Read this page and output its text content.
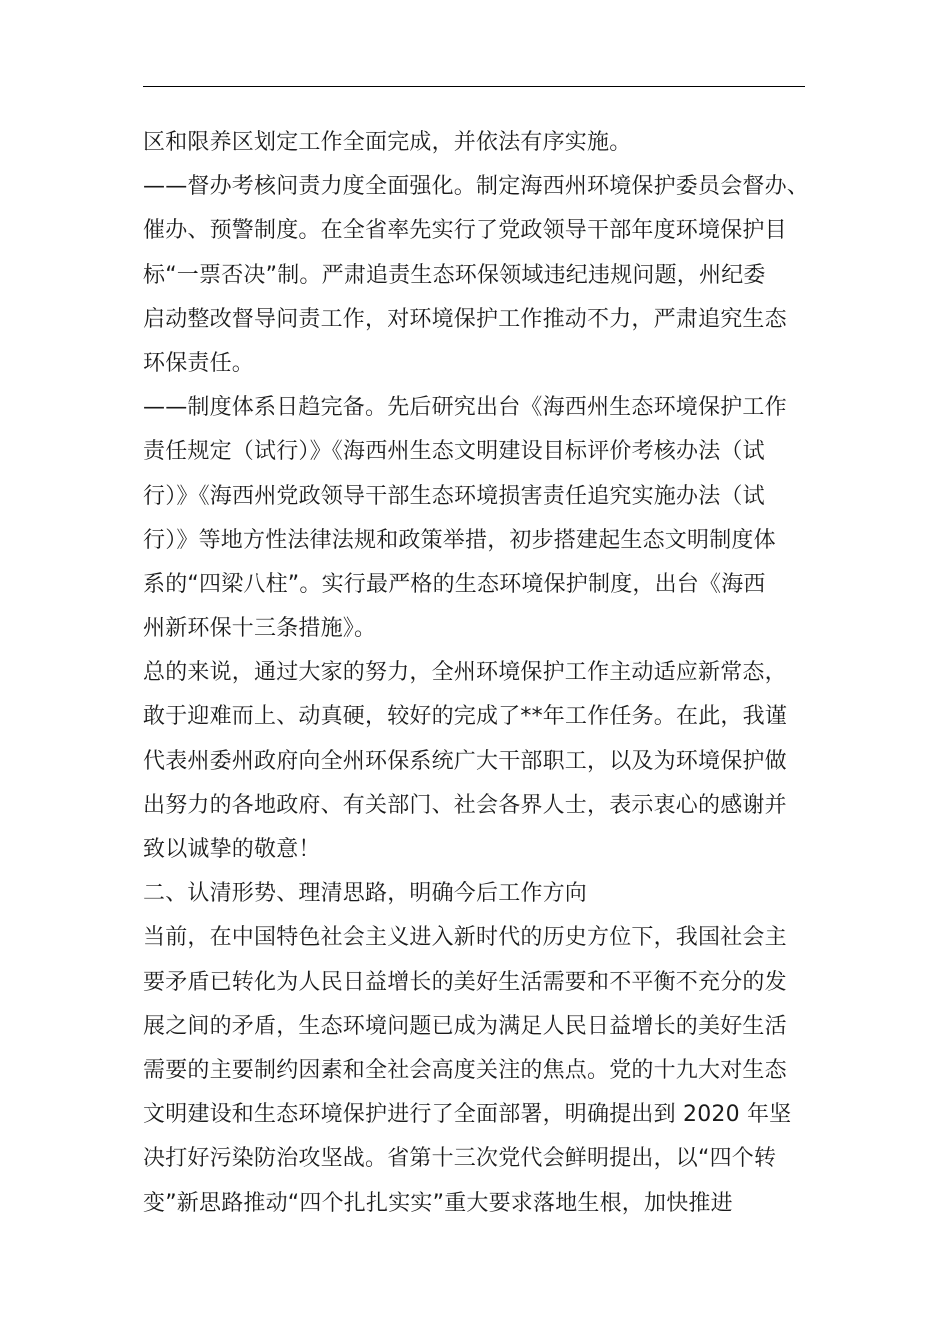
区和限养区划定工作全面完成，并依法有序实施。
——督办考核问责力度全面强化。制定海西州环境保护委员会督办、
催办、预警制度。在全省率先实行了党政领导干部年度环境保护目
标“一票否决”制。严肃追责生态环保领域违纪违规问题，州纪委
启动整改督导问责工作，对环境保护工作推动不力，严肃追究生态
环保责任。
——制度体系日趋完备。先后研究出台《海西州生态环境保护工作
责任规定（试行）》《海西州生态文明建设目标评价考核办法（试
行）》《海西州党政领导干部生态环境损害责任追究实施办法（试
行）》等地方性法律法规和政策举措，初步搭建起生态文明制度体
系的“四梁八柱”。实行最严格的生态环境保护制度，出台《海西
州新环保十三条措施》。
总的来说，通过大家的努力，全州环境保护工作主动适应新常态，
敢于迎难而上、动真硬，较好的完成了**年工作任务。在此，我谨
代表州委州政府向全州环保系统广大干部职工，以及为环境保护做
出努力的各地政府、有关部门、社会各界人士，表示衷心的感谢并
致以诚挚的敬意！
二、认清形势、理清思路，明确今后工作方向
当前，在中国特色社会主义进入新时代的历史方位下，我国社会主
要矛盾已转化为人民日益增长的美好生活需要和不平衡不充分的发
展之间的矛盾，生态环境问题已成为满足人民日益增长的美好生活
需要的主要制约因素和全社会高度关注的焦点。党的十九大对生态
文明建设和生态环境保护进行了全面部署，明确提出到 2020 年坚
决打好污染防治攻坚战。省第十三次党代会鲜明提出，以“四个转
变”新思路推动“四个扎扎实实”重大要求落地生根，加快推进
